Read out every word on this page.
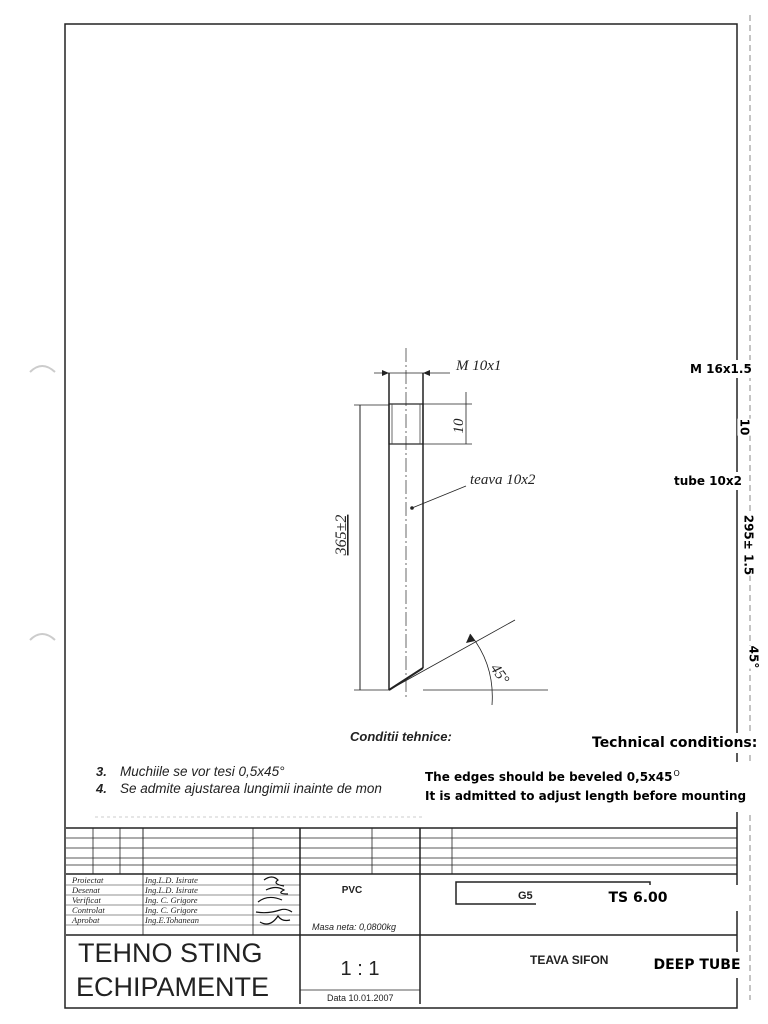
M 10x1
10
teava 10x2
365±2
45°
Conditii tehnice:
3. Muchiile se vor tesi 0,5x45°
4. Se admite ajustarea lungimii inainte de mon
Proiectat	Ing.L.D. Isirate
Desenat	Ing.L.D. Isirate
Verificat	Ing. C. Grigore
Controlat	Ing. C. Grigore
Aprobat	Ing.E.Tohanean
PVC
Masa neta: 0,0800kg
1 : 1
Data 10.01.2007
TEHNO STING
ECHIPAMENTE
TEAVA SIFON
G5
M 16x1.5
10
tube 10x2
295± 1.5
45°
Technical conditions:
The edges should be beveled $0,5x45^O$
It is admitted to adjust length before mounting
TS 6.00
DEEP TUBE
